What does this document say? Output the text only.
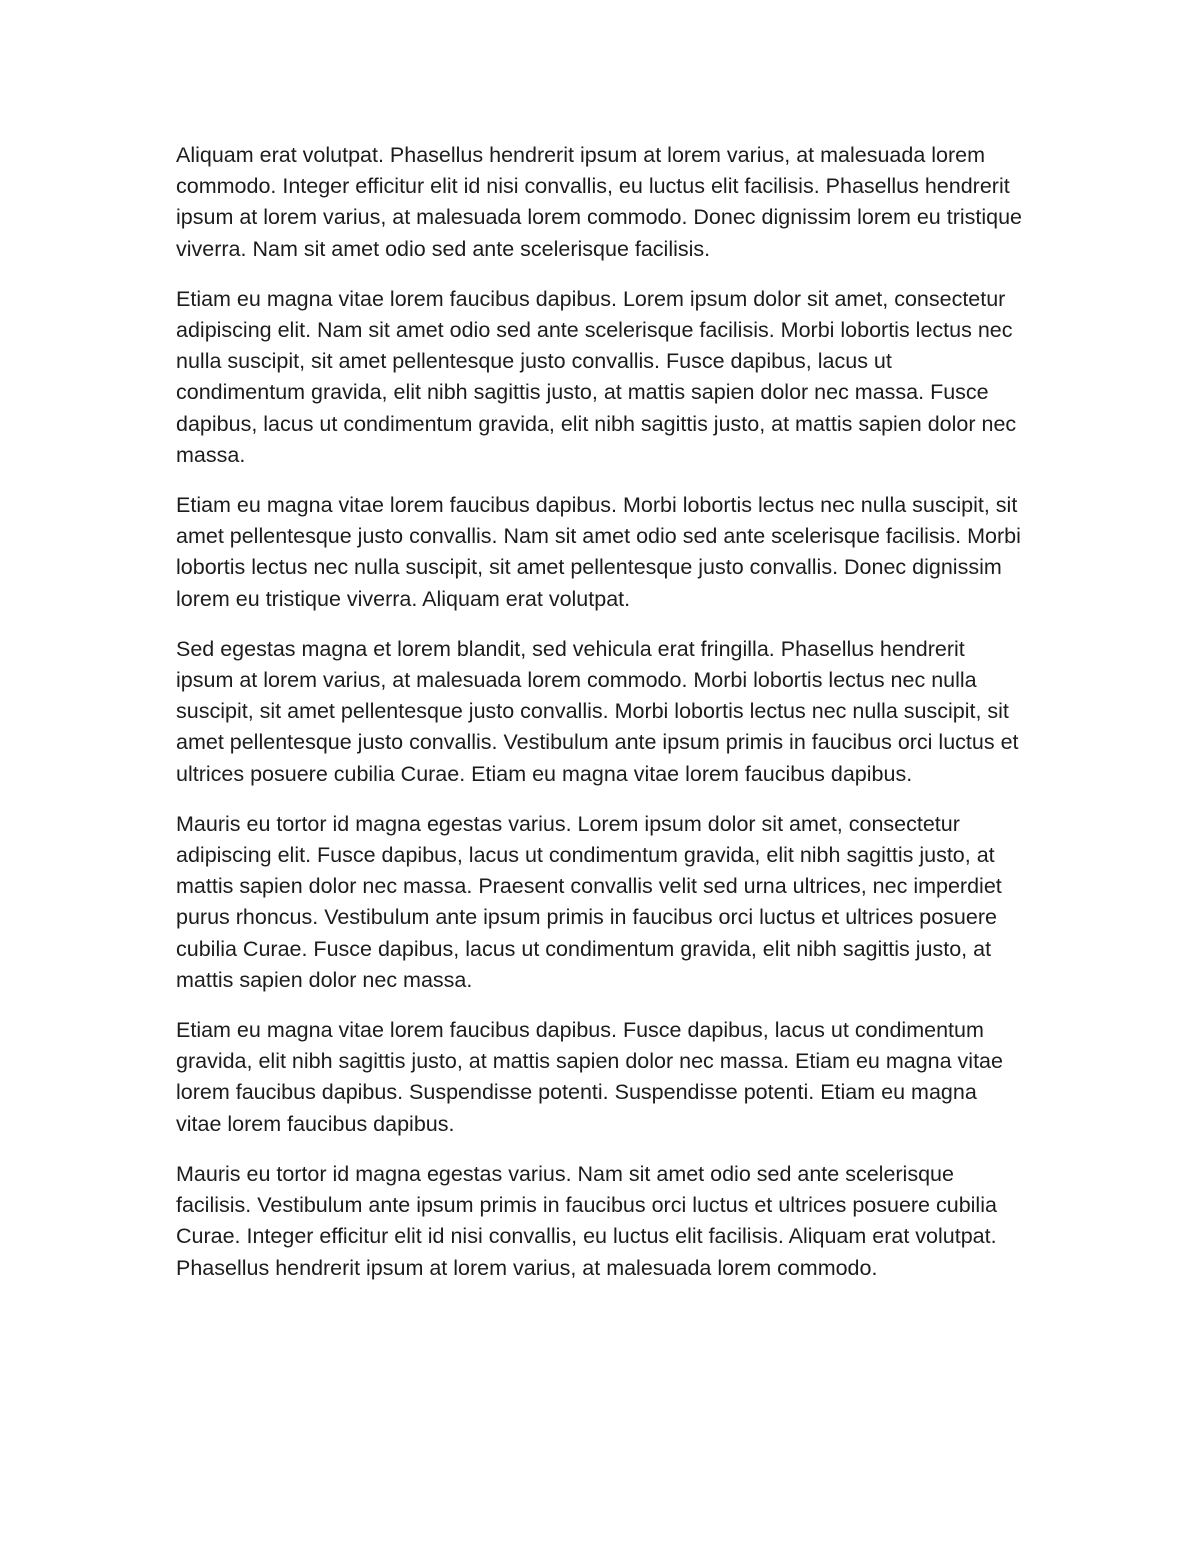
Aliquam erat volutpat. Phasellus hendrerit ipsum at lorem varius, at malesuada lorem commodo. Integer efficitur elit id nisi convallis, eu luctus elit facilisis. Phasellus hendrerit ipsum at lorem varius, at malesuada lorem commodo. Donec dignissim lorem eu tristique viverra. Nam sit amet odio sed ante scelerisque facilisis.

Etiam eu magna vitae lorem faucibus dapibus. Lorem ipsum dolor sit amet, consectetur adipiscing elit. Nam sit amet odio sed ante scelerisque facilisis. Morbi lobortis lectus nec nulla suscipit, sit amet pellentesque justo convallis. Fusce dapibus, lacus ut condimentum gravida, elit nibh sagittis justo, at mattis sapien dolor nec massa. Fusce dapibus, lacus ut condimentum gravida, elit nibh sagittis justo, at mattis sapien dolor nec massa.

Etiam eu magna vitae lorem faucibus dapibus. Morbi lobortis lectus nec nulla suscipit, sit amet pellentesque justo convallis. Nam sit amet odio sed ante scelerisque facilisis. Morbi lobortis lectus nec nulla suscipit, sit amet pellentesque justo convallis. Donec dignissim lorem eu tristique viverra. Aliquam erat volutpat.

Sed egestas magna et lorem blandit, sed vehicula erat fringilla. Phasellus hendrerit ipsum at lorem varius, at malesuada lorem commodo. Morbi lobortis lectus nec nulla suscipit, sit amet pellentesque justo convallis. Morbi lobortis lectus nec nulla suscipit, sit amet pellentesque justo convallis. Vestibulum ante ipsum primis in faucibus orci luctus et ultrices posuere cubilia Curae. Etiam eu magna vitae lorem faucibus dapibus.

Mauris eu tortor id magna egestas varius. Lorem ipsum dolor sit amet, consectetur adipiscing elit. Fusce dapibus, lacus ut condimentum gravida, elit nibh sagittis justo, at mattis sapien dolor nec massa. Praesent convallis velit sed urna ultrices, nec imperdiet purus rhoncus. Vestibulum ante ipsum primis in faucibus orci luctus et ultrices posuere cubilia Curae. Fusce dapibus, lacus ut condimentum gravida, elit nibh sagittis justo, at mattis sapien dolor nec massa.

Etiam eu magna vitae lorem faucibus dapibus. Fusce dapibus, lacus ut condimentum gravida, elit nibh sagittis justo, at mattis sapien dolor nec massa. Etiam eu magna vitae lorem faucibus dapibus. Suspendisse potenti. Suspendisse potenti. Etiam eu magna vitae lorem faucibus dapibus.

Mauris eu tortor id magna egestas varius. Nam sit amet odio sed ante scelerisque facilisis. Vestibulum ante ipsum primis in faucibus orci luctus et ultrices posuere cubilia Curae. Integer efficitur elit id nisi convallis, eu luctus elit facilisis. Aliquam erat volutpat. Phasellus hendrerit ipsum at lorem varius, at malesuada lorem commodo.
